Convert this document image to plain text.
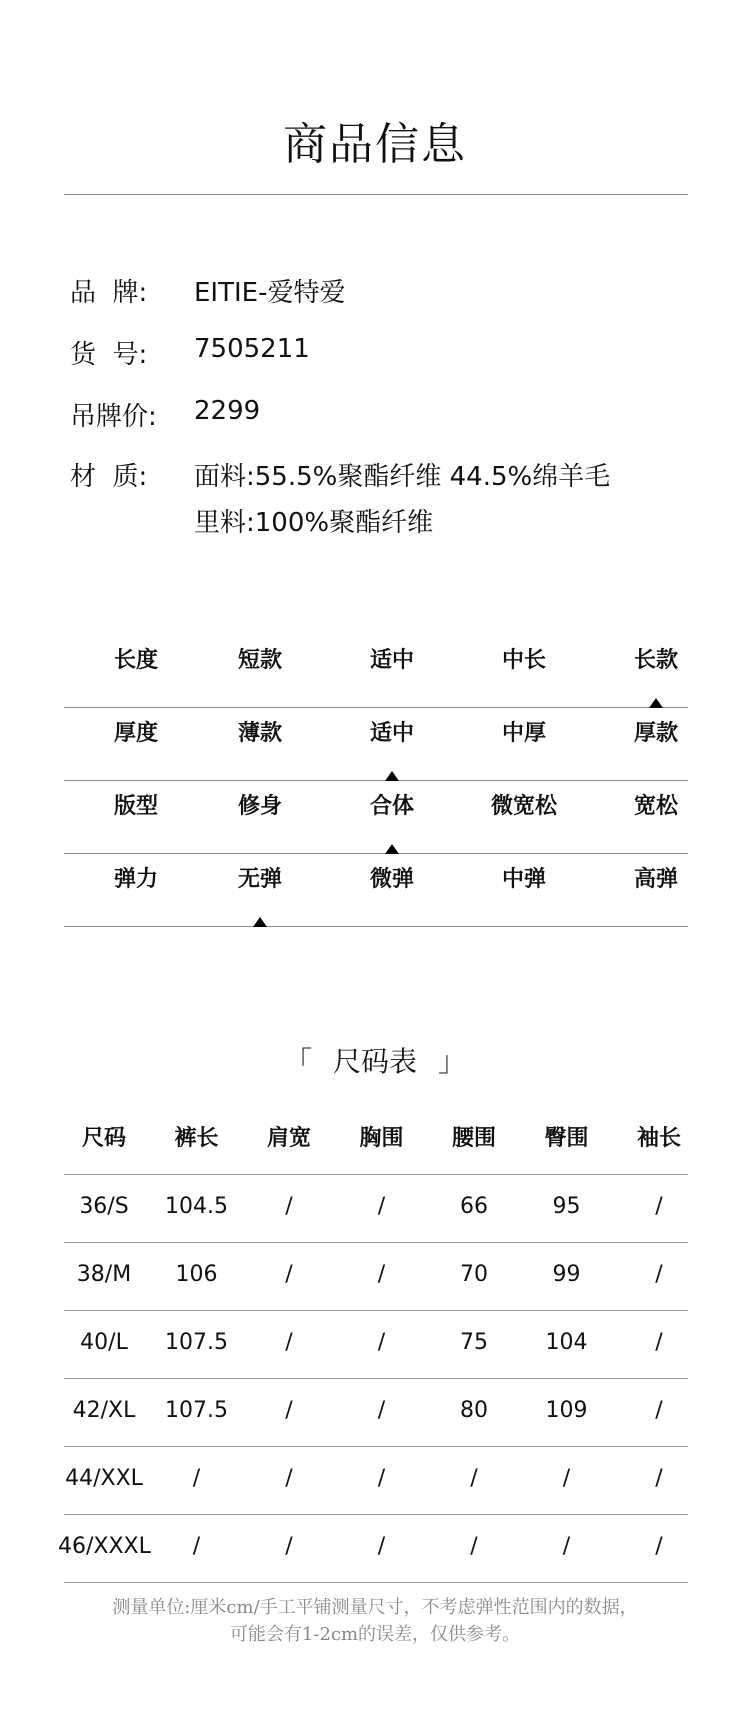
商品信息
品  牌: EITIE-爱特爱
货  号: 7505211
吊牌价: 2299
材  质: 面料:55.5%聚酯纤维 44.5%绵羊毛
里料:100%聚酯纤维
长度	短款	适中	中长	长款
厚度	薄款	适中	中厚	厚款
版型	修身	合体	微宽松	宽松
弹力	无弹	微弹	中弹	高弹
「 尺码表 」
尺码	裤长	肩宽	胸围	腰围	臀围	袖长
36/S	104.5	/	/	66	95	/
38/M	106	/	/	70	99	/
40/L	107.5	/	/	75	104	/
42/XL	107.5	/	/	80	109	/
44/XXL	/	/	/	/	/	/
46/XXXL	/	/	/	/	/	/
测量单位:厘米cm/手工平铺测量尺寸，不考虑弹性范围内的数据，
可能会有1-2cm的误差，仅供参考。
